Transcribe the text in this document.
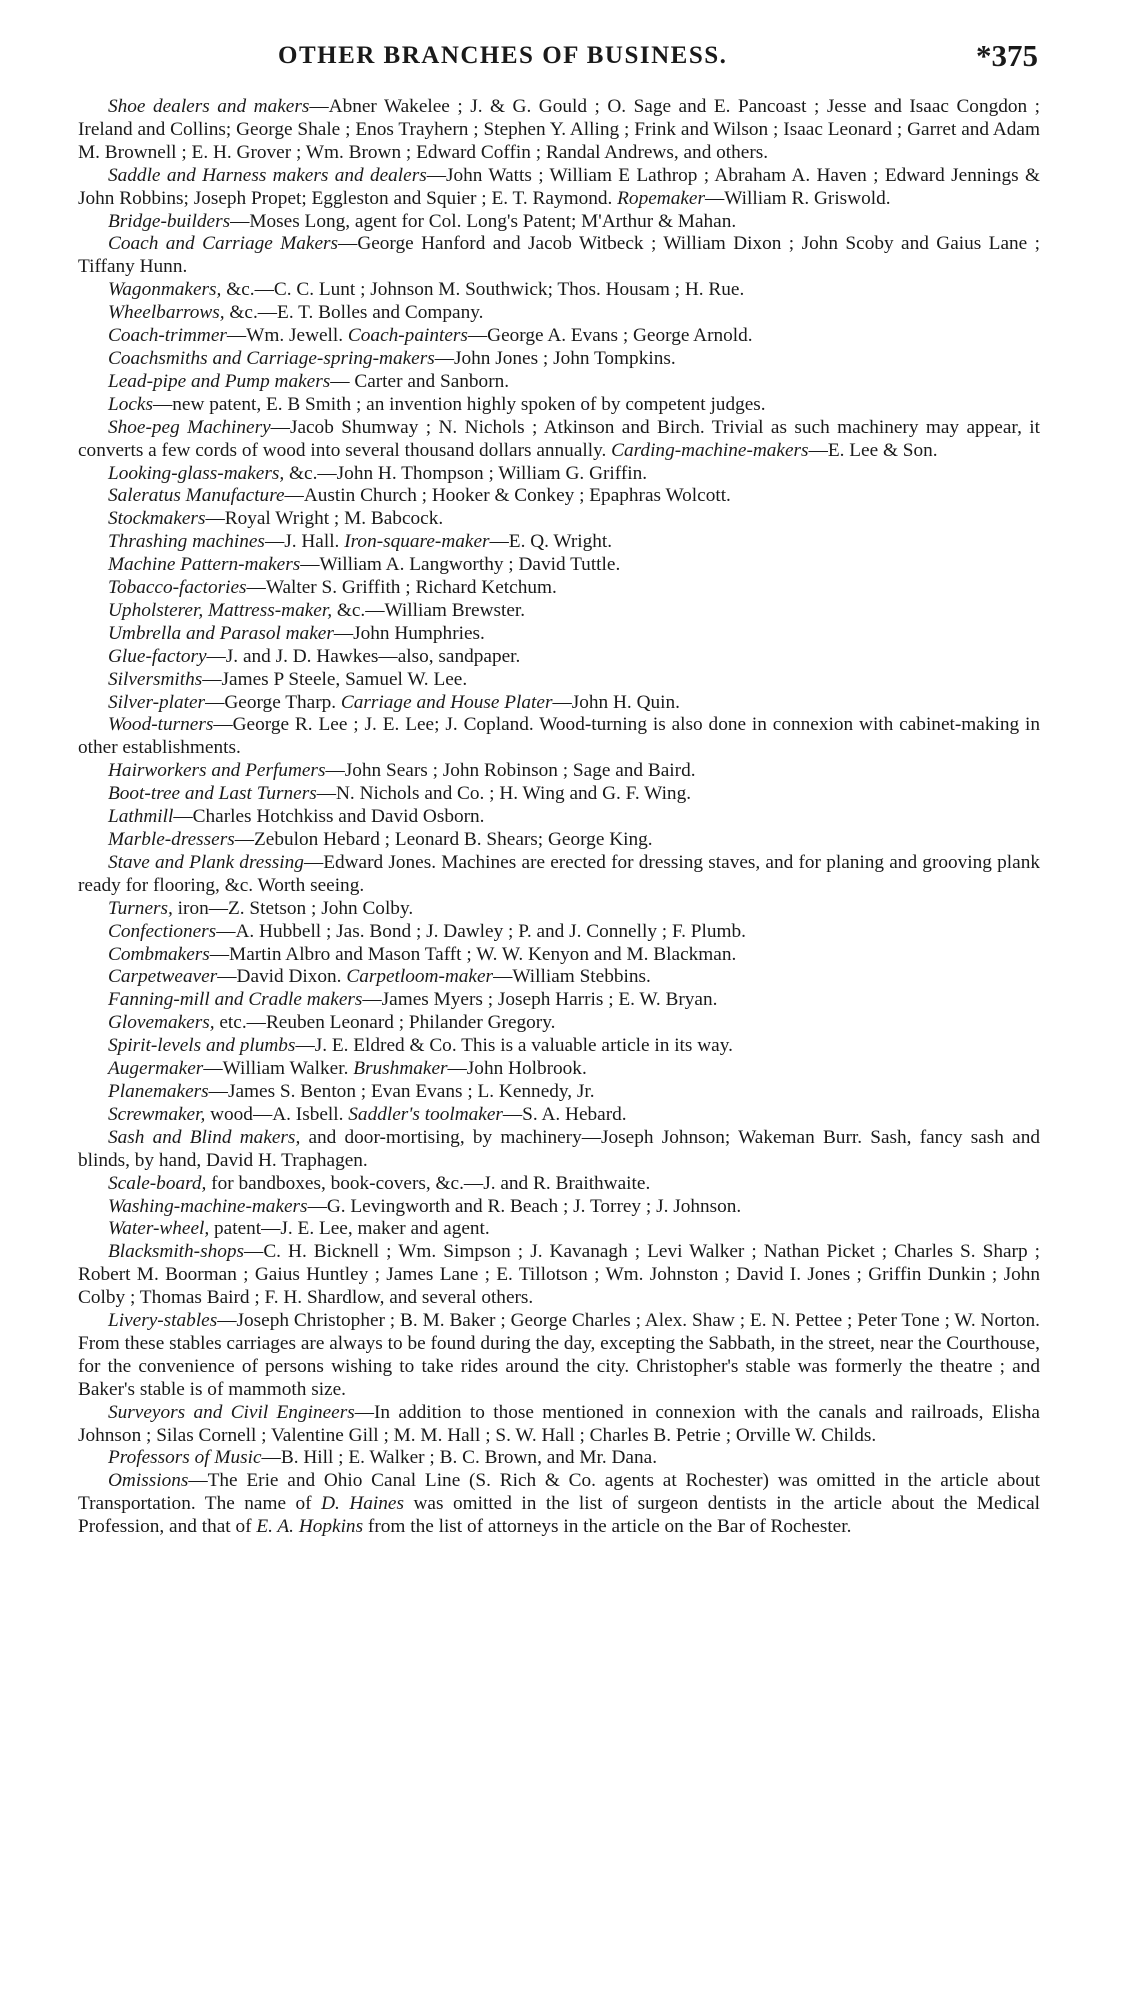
OTHER BRANCHES OF BUSINESS.	*375

Shoe dealers and makers—Abner Wakelee ; J. & G. Gould ; O. Sage and E. Pancoast ; Jesse and Isaac Congdon ; Ireland and Collins; George Shale ; Enos Trayhern ; Stephen Y. Alling ; Frink and Wilson ; Isaac Leonard ; Garret and Adam M. Brownell ; E. H. Grover ; Wm. Brown ; Edward Coffin ; Randal Andrews, and others.

Saddle and Harness makers and dealers—John Watts ; William E Lathrop ; Abraham A. Haven ; Edward Jennings & John Robbins; Joseph Propet; Eggleston and Squier ; E. T. Raymond. Ropemaker—William R. Griswold.

Bridge-builders—Moses Long, agent for Col. Long's Patent; M'Arthur & Mahan.

Coach and Carriage Makers—George Hanford and Jacob Witbeck ; William Dixon ; John Scoby and Gaius Lane ; Tiffany Hunn.

Wagonmakers, &c.—C. C. Lunt ; Johnson M. Southwick; Thos. Housam ; H. Rue.

Wheelbarrows, &c.—E. T. Bolles and Company.

Coach-trimmer—Wm. Jewell. Coach-painters—George A. Evans ; George Arnold.

Coachsmiths and Carriage-spring-makers—John Jones ; John Tompkins.

Lead-pipe and Pump makers— Carter and Sanborn.

Locks—new patent, E. B Smith ; an invention highly spoken of by competent judges.

Shoe-peg Machinery—Jacob Shumway ; N. Nichols ; Atkinson and Birch. Trivial as such machinery may appear, it converts a few cords of wood into several thousand dollars annually. Carding-machine-makers—E. Lee & Son.

Looking-glass-makers, &c.—John H. Thompson ; William G. Griffin.

Saleratus Manufacture—Austin Church ; Hooker & Conkey ; Epaphras Wolcott.

Stockmakers—Royal Wright ; M. Babcock.

Thrashing machines—J. Hall. Iron-square-maker—E. Q. Wright.

Machine Pattern-makers—William A. Langworthy ; David Tuttle.

Tobacco-factories—Walter S. Griffith ; Richard Ketchum.

Upholsterer, Mattress-maker, &c.—William Brewster.

Umbrella and Parasol maker—John Humphries.

Glue-factory—J. and J. D. Hawkes—also, sandpaper.

Silversmiths—James P Steele, Samuel W. Lee.

Silver-plater—George Tharp. Carriage and House Plater—John H. Quin.

Wood-turners—George R. Lee ; J. E. Lee; J. Copland. Wood-turning is also done in connexion with cabinet-making in other establishments.

Hairworkers and Perfumers—John Sears ; John Robinson ; Sage and Baird.

Boot-tree and Last Turners—N. Nichols and Co. ; H. Wing and G. F. Wing.

Lathmill—Charles Hotchkiss and David Osborn.

Marble-dressers—Zebulon Hebard ; Leonard B. Shears; George King.

Stave and Plank dressing—Edward Jones. Machines are erected for dressing staves, and for planing and grooving plank ready for flooring, &c. Worth seeing.

Turners, iron—Z. Stetson ; John Colby.

Confectioners—A. Hubbell ; Jas. Bond ; J. Dawley ; P. and J. Connelly ; F. Plumb.

Combmakers—Martin Albro and Mason Tafft ; W. W. Kenyon and M. Blackman.

Carpetweaver—David Dixon. Carpetloom-maker—William Stebbins.

Fanning-mill and Cradle makers—James Myers ; Joseph Harris ; E. W. Bryan.

Glovemakers, etc.—Reuben Leonard ; Philander Gregory.

Spirit-levels and plumbs—J. E. Eldred & Co. This is a valuable article in its way.

Augermaker—William Walker. Brushmaker—John Holbrook.

Planemakers—James S. Benton ; Evan Evans ; L. Kennedy, Jr.

Screwmaker, wood—A. Isbell. Saddler's toolmaker—S. A. Hebard.

Sash and Blind makers, and door-mortising, by machinery—Joseph Johnson; Wakeman Burr. Sash, fancy sash and blinds, by hand, David H. Traphagen.

Scale-board, for bandboxes, book-covers, &c.—J. and R. Braithwaite.

Washing-machine-makers—G. Levingworth and R. Beach ; J. Torrey ; J. Johnson.

Water-wheel, patent—J. E. Lee, maker and agent.

Blacksmith-shops—C. H. Bicknell ; Wm. Simpson ; J. Kavanagh ; Levi Walker ; Nathan Picket ; Charles S. Sharp ; Robert M. Boorman ; Gaius Huntley ; James Lane ; E. Tillotson ; Wm. Johnston ; David I. Jones ; Griffin Dunkin ; John Colby ; Thomas Baird ; F. H. Shardlow, and several others.

Livery-stables—Joseph Christopher ; B. M. Baker ; George Charles ; Alex. Shaw ; E. N. Pettee ; Peter Tone ; W. Norton. From these stables carriages are always to be found during the day, excepting the Sabbath, in the street, near the Courthouse, for the convenience of persons wishing to take rides around the city. Christopher's stable was formerly the theatre ; and Baker's stable is of mammoth size.

Surveyors and Civil Engineers—In addition to those mentioned in connexion with the canals and railroads, Elisha Johnson ; Silas Cornell ; Valentine Gill ; M. M. Hall ; S. W. Hall ; Charles B. Petrie ; Orville W. Childs.

Professors of Music—B. Hill ; E. Walker ; B. C. Brown, and Mr. Dana.

Omissions—The Erie and Ohio Canal Line (S. Rich & Co. agents at Rochester) was omitted in the article about Transportation. The name of D. Haines was omitted in the list of surgeon dentists in the article about the Medical Profession, and that of E. A. Hopkins from the list of attorneys in the article on the Bar of Rochester.
